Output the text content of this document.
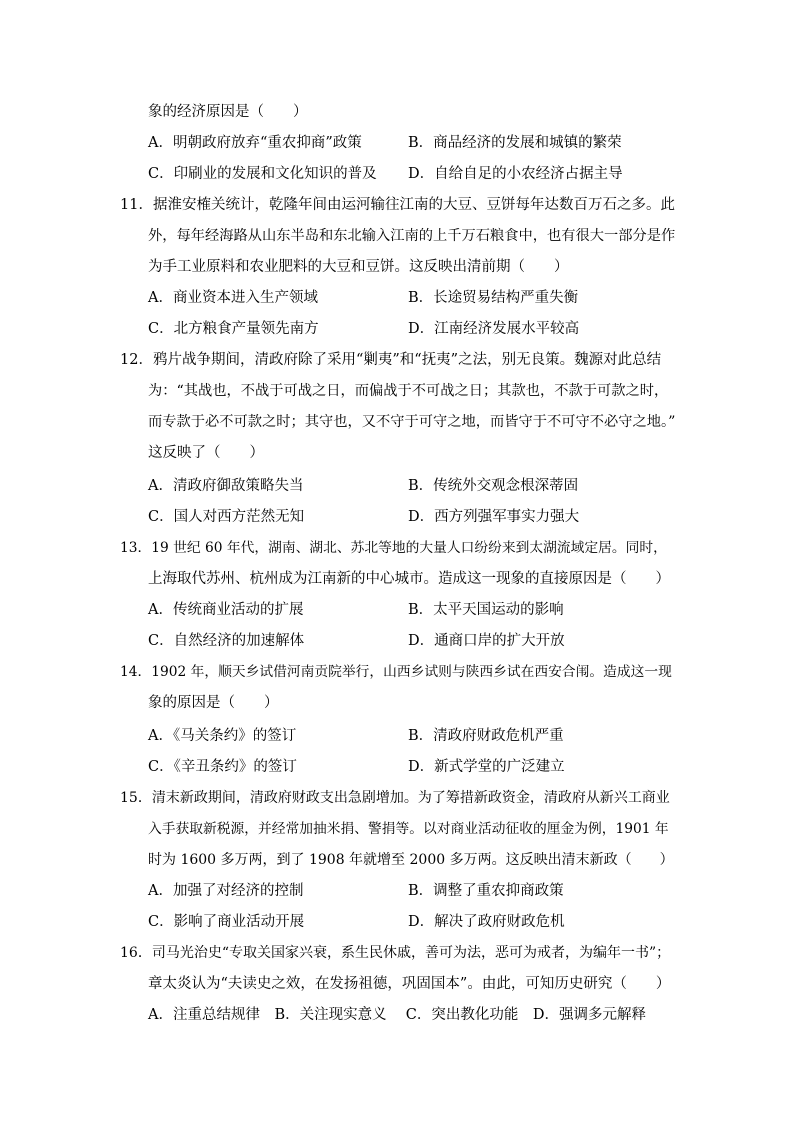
象的经济原因是（　　）
A．明朝政府放弃“重农抑商”政策	B．商品经济的发展和城镇的繁荣
C．印刷业的发展和文化知识的普及 D．自给自足的小农经济占据主导
11．据淮安榷关统计，乾隆年间由运河输往江南的大豆、豆饼每年达数百万石之多。此
外，每年经海路从山东半岛和东北输入江南的上千万石粮食中，也有很大一部分是作
为手工业原料和农业肥料的大豆和豆饼。这反映出清前期（　　）
A．商业资本进入生产领域	B．长途贸易结构严重失衡
C．北方粮食产量领先南方	D．江南经济发展水平较高
12．鸦片战争期间，清政府除了采用“剿夷”和“抚夷”之法，别无良策。魏源对此总结
为：“其战也，不战于可战之日，而偏战于不可战之日；其款也，不款于可款之时，
而专款于必不可款之时；其守也，又不守于可守之地，而皆守于不可守不必守之地。”
这反映了（　　）
A．清政府御敌策略失当	B．传统外交观念根深蒂固
C．国人对西方茫然无知	D．西方列强军事实力强大
13．19 世纪 60 年代，湖南、湖北、苏北等地的大量人口纷纷来到太湖流域定居。同时，
上海取代苏州、杭州成为江南新的中心城市。造成这一现象的直接原因是（　　）
A．传统商业活动的扩展	B．太平天国运动的影响
C．自然经济的加速解体	D．通商口岸的扩大开放
14．1902 年，顺天乡试借河南贡院举行，山西乡试则与陕西乡试在西安合闱。造成这一现
象的原因是（　　）
A．《马关条约》的签订	B．清政府财政危机严重
C．《辛丑条约》的签订	D．新式学堂的广泛建立
15．清末新政期间，清政府财政支出急剧增加。为了筹措新政资金，清政府从新兴工商业
入手获取新税源，并经常加抽米捐、警捐等。以对商业活动征收的厘金为例，1901 年
时为 1600 多万两，到了 1908 年就增至 2000 多万两。这反映出清末新政（　　）
A．加强了对经济的控制	B．调整了重农抑商政策
C．影响了商业活动开展	D．解决了政府财政危机
16．司马光治史“专取关国家兴衰，系生民休戚，善可为法，恶可为戒者，为编年一书”；
章太炎认为“夫读史之效，在发扬祖德，巩固国本”。由此，可知历史研究（　　）
A．注重总结规律　B．关注现实意义　 C．突出教化功能　D．强调多元解释
